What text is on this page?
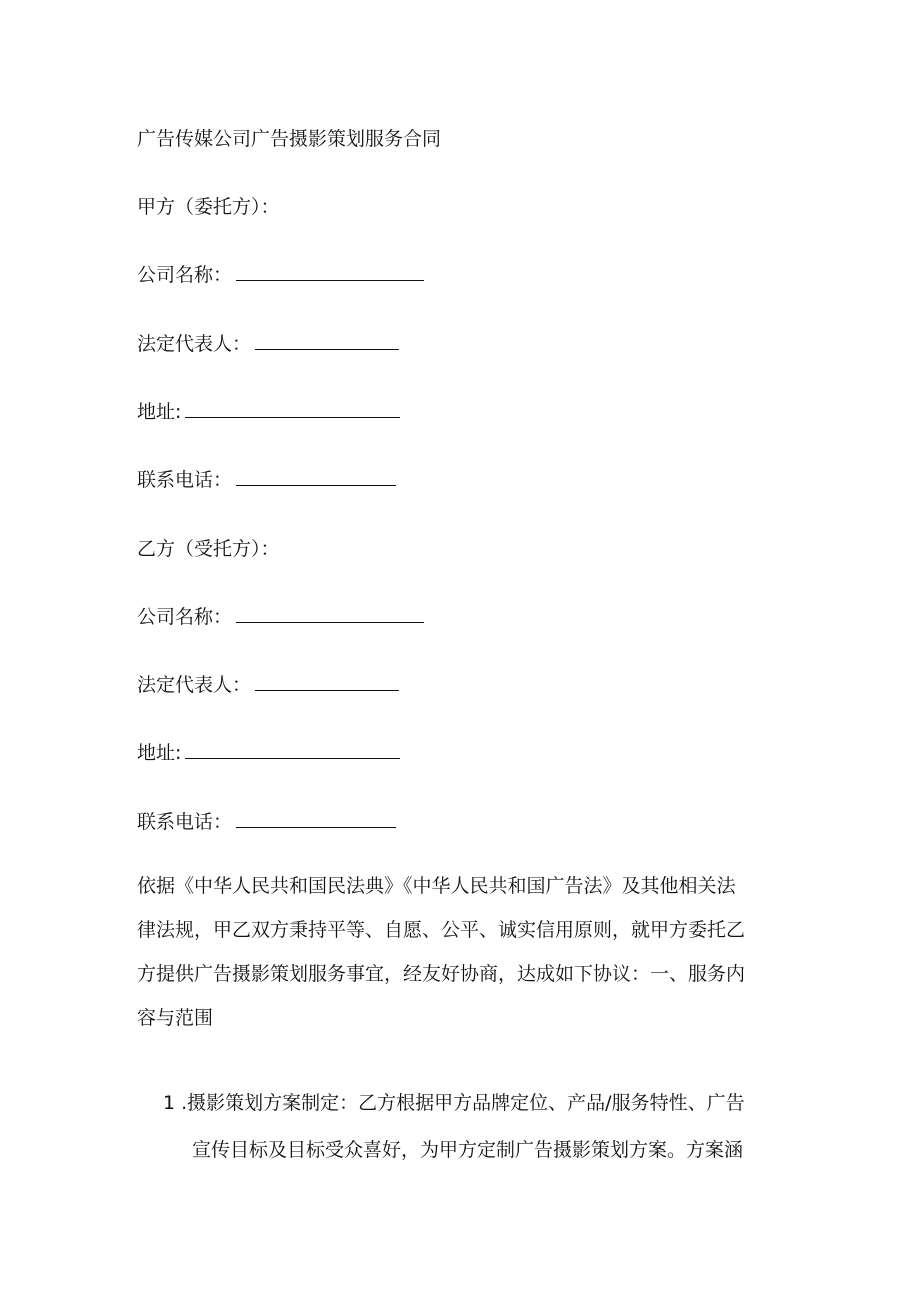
广告传媒公司广告摄影策划服务合同
甲方（委托方）：
公司名称：
法定代表人：
地址:
联系电话：
乙方（受托方）：
公司名称：
法定代表人：
地址:
联系电话：
依据《中华人民共和国民法典》《中华人民共和国广告法》及其他相关法
律法规，甲乙双方秉持平等、自愿、公平、诚实信用原则，就甲方委托乙
方提供广告摄影策划服务事宜，经友好协商，达成如下协议：一、服务内
容与范围
1 .摄影策划方案制定：乙方根据甲方品牌定位、产品/服务特性、广告
宣传目标及目标受众喜好，为甲方定制广告摄影策划方案。方案涵
